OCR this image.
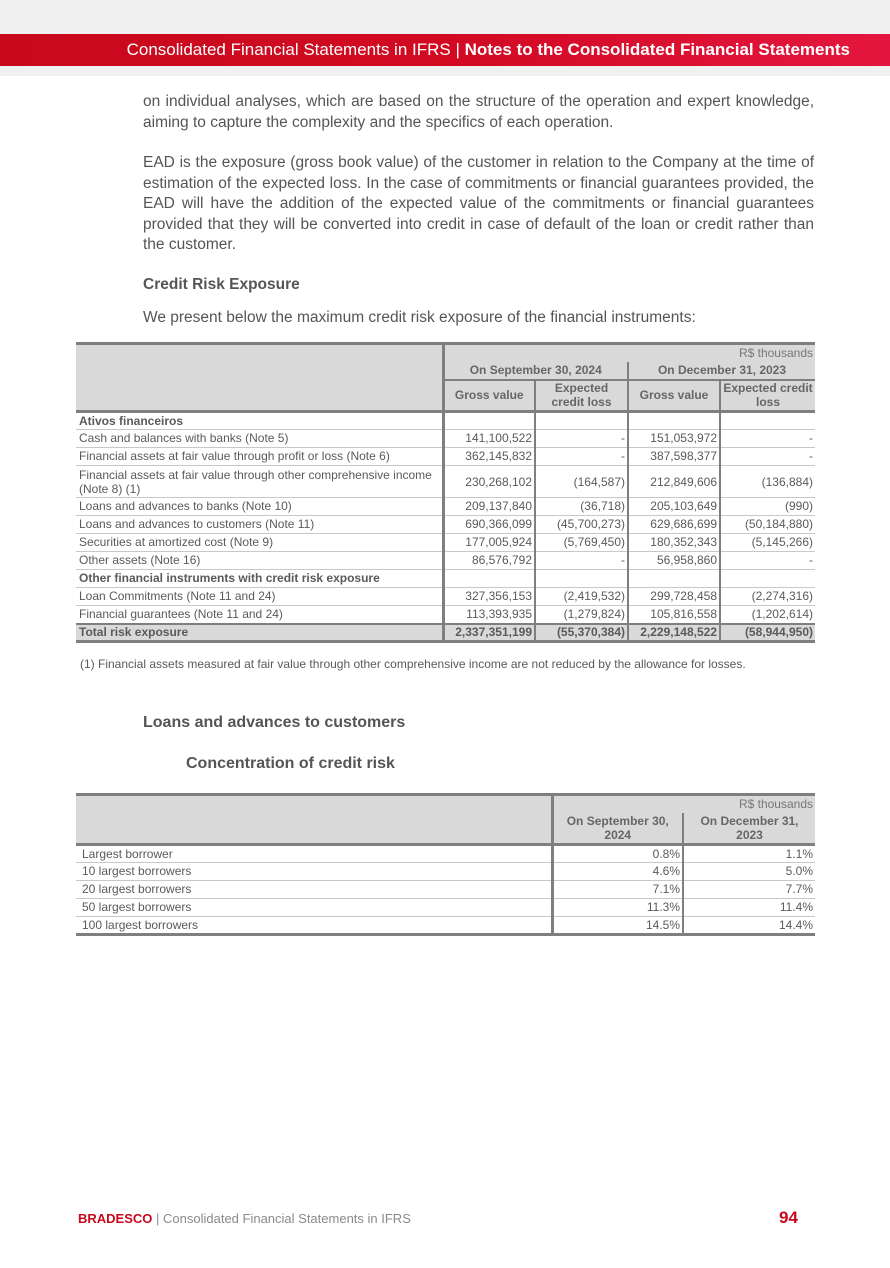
Consolidated Financial Statements in IFRS | Notes to the Consolidated Financial Statements

on individual analyses, which are based on the structure of the operation and expert knowledge, aiming to capture the complexity and the specifics of each operation.

EAD is the exposure (gross book value) of the customer in relation to the Company at the time of estimation of the expected loss. In the case of commitments or financial guarantees provided, the EAD will have the addition of the expected value of the commitments or financial guarantees provided that they will be converted into credit in case of default of the loan or credit rather than the customer.

Credit Risk Exposure
We present below the maximum credit risk exposure of the financial instruments:
	R$ thousands			
	On September 30, 2024		On December 31, 2023	
	Gross value	Expected credit loss	Gross value	Expected credit loss
Ativos financeiros				
Cash and balances with banks (Note 5)	141,100,522	-	151,053,972	-
Financial assets at fair value through profit or loss (Note 6)	362,145,832	-	387,598,377	-
Financial assets at fair value through other comprehensive income (Note 8) (1)	230,268,102	(164,587)	212,849,606	(136,884)
Loans and advances to banks (Note 10)	209,137,840	(36,718)	205,103,649	(990)
Loans and advances to customers (Note 11)	690,366,099	(45,700,273)	629,686,699	(50,184,880)
Securities at amortized cost (Note 9)	177,005,924	(5,769,450)	180,352,343	(5,145,266)
Other assets (Note 16)	86,576,792	-	56,958,860	-
Other financial instruments with credit risk exposure				
Loan Commitments (Note 11 and 24)	327,356,153	(2,419,532)	299,728,458	(2,274,316)
Financial guarantees (Note 11 and 24)	113,393,935	(1,279,824)	105,816,558	(1,202,614)
Total risk exposure	2,337,351,199	(55,370,384)	2,229,148,522	(58,944,950)
(1) Financial assets measured at fair value through other comprehensive income are not reduced by the allowance for losses.
Loans and advances to customers
Concentration of credit risk
	R$ thousands	
	On September 30, 2024	On December 31, 2023
Largest borrower	0.8%	1.1%
10 largest borrowers	4.6%	5.0%
20 largest borrowers	7.1%	7.7%
50 largest borrowers	11.3%	11.4%
100 largest borrowers	14.5%	14.4%
BRADESCO | Consolidated Financial Statements in IFRS	94
